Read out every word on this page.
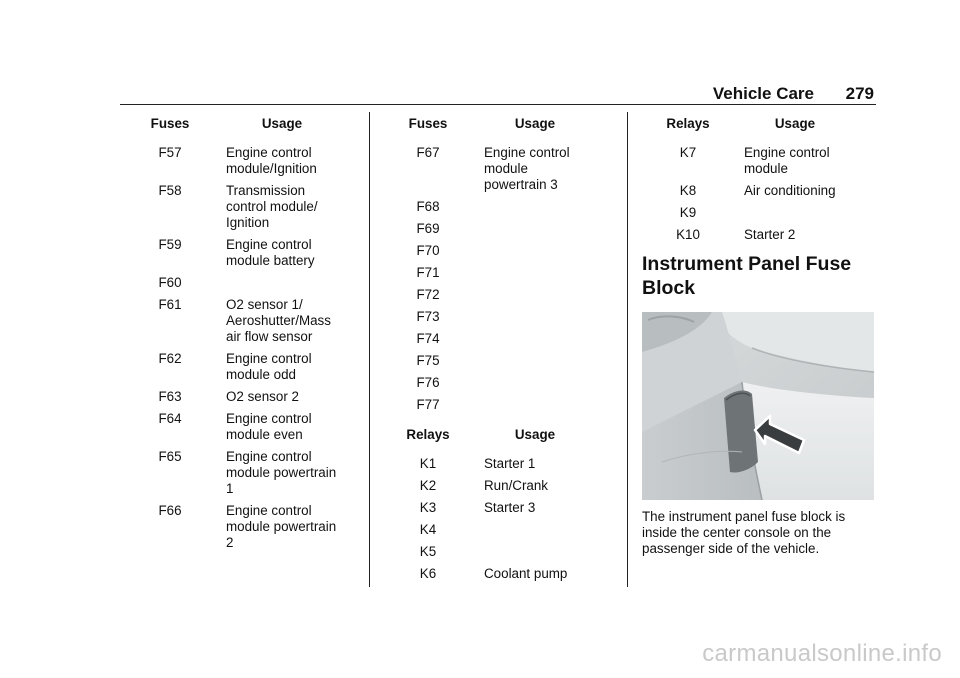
Vehicle Care 279
Fuses	Usage
F57	Engine control module/Ignition
F58	Transmission control module/ Ignition
F59	Engine control module battery
F60	
F61	O2 sensor 1/ Aeroshutter/Mass air flow sensor
F62	Engine control module odd
F63	O2 sensor 2
F64	Engine control module even
F65	Engine control module powertrain 1
F66	Engine control module powertrain 2
Fuses	Usage
F67	Engine control module powertrain 3
F68	
F69	
F70	
F71	
F72	
F73	
F74	
F75	
F76	
F77	
Relays	Usage
K1	Starter 1
K2	Run/Crank
K3	Starter 3
K4	
K5	
K6	Coolant pump
Relays	Usage
K7	Engine control module
K8	Air conditioning
K9	
K10	Starter 2
Instrument Panel Fuse Block

The instrument panel fuse block is inside the center console on the passenger side of the vehicle.

carmanualsonline.info
